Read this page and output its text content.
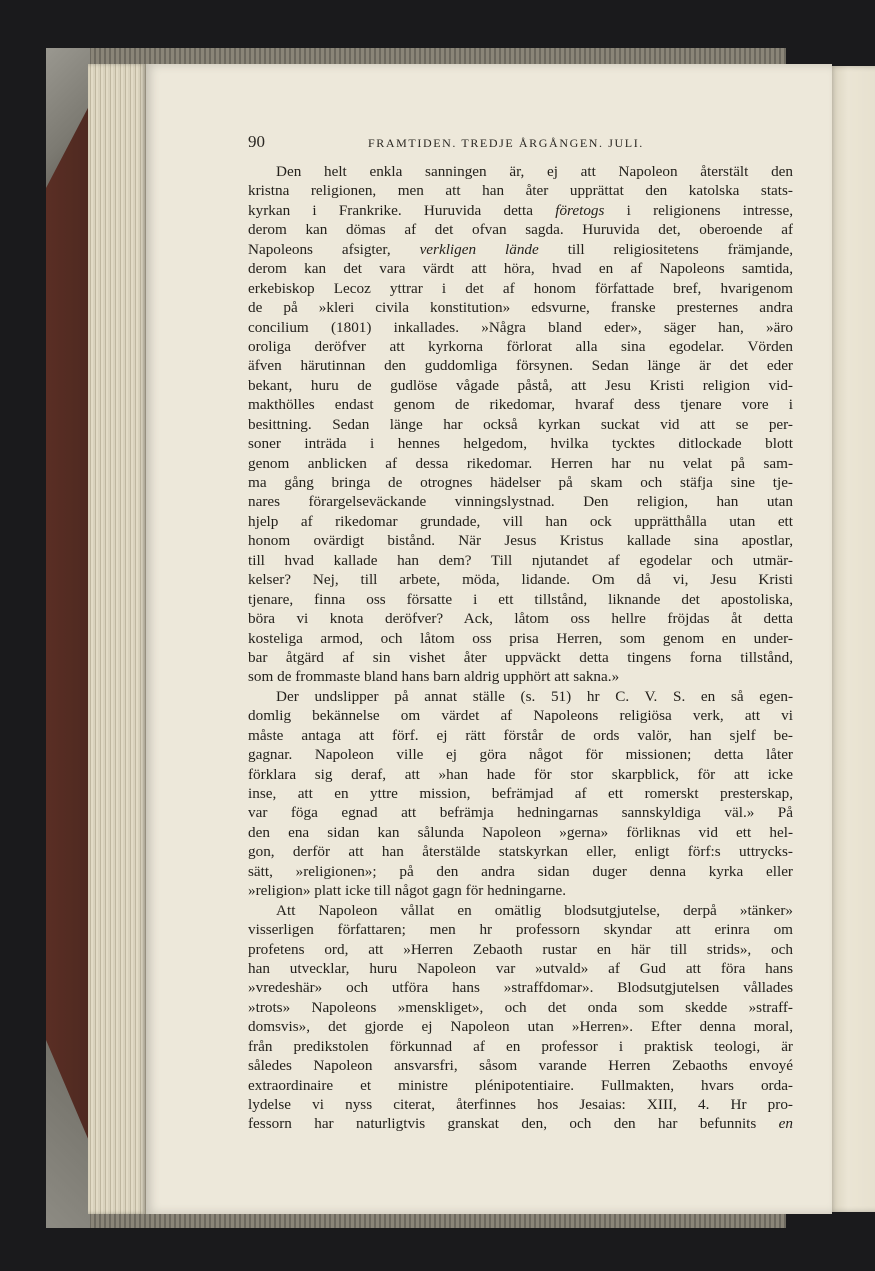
90	FRAMTIDEN. TREDJE ÅRGÅNGEN. JULI.
Den helt enkla sanningen är, ej att Napoleon återstält den
kristna religionen, men att han åter upprättat den katolska stats-
kyrkan i Frankrike. Huruvida detta företogs i religionens intresse,
derom kan dömas af det ofvan sagda. Huruvida det, oberoende af
Napoleons afsigter, verkligen lände till religiositetens främjande,
derom kan det vara värdt att höra, hvad en af Napoleons samtida,
erkebiskop Lecoz yttrar i det af honom författade bref, hvarigenom
de på »kleri civila konstitution» edsvurne, franske presternes andra
concilium (1801) inkallades. »Några bland eder», säger han, »äro
oroliga deröfver att kyrkorna förlorat alla sina egodelar. Vörden
äfven härutinnan den guddomliga försynen. Sedan länge är det eder
bekant, huru de gudlöse vågade påstå, att Jesu Kristi religion vid-
makthölles endast genom de rikedomar, hvaraf dess tjenare vore i
besittning. Sedan länge har också kyrkan suckat vid att se per-
soner inträda i hennes helgedom, hvilka tycktes ditlockade blott
genom anblicken af dessa rikedomar. Herren har nu velat på sam-
ma gång bringa de otrognes hädelser på skam och stäfja sine tje-
nares förargelseväckande vinningslystnad. Den religion, han utan
hjelp af rikedomar grundade, vill han ock upprätthålla utan ett
honom ovärdigt bistånd. När Jesus Kristus kallade sina apostlar,
till hvad kallade han dem? Till njutandet af egodelar och utmär-
kelser? Nej, till arbete, möda, lidande. Om då vi, Jesu Kristi
tjenare, finna oss försatte i ett tillstånd, liknande det apostoliska,
böra vi knota deröfver? Ack, låtom oss hellre fröjdas åt detta
kosteliga armod, och låtom oss prisa Herren, som genom en under-
bar åtgärd af sin vishet åter uppväckt detta tingens forna tillstånd,
som de frommaste bland hans barn aldrig upphört att sakna.»
Der undslipper på annat ställe (s. 51) hr C. V. S. en så egen-
domlig bekännelse om värdet af Napoleons religiösa verk, att vi
måste antaga att förf. ej rätt förstår de ords valör, han sjelf be-
gagnar. Napoleon ville ej göra något för missionen; detta låter
förklara sig deraf, att »han hade för stor skarpblick, för att icke
inse, att en yttre mission, befrämjad af ett romerskt presterskap,
var föga egnad att befrämja hedningarnas sannskyldiga väl.» På
den ena sidan kan sålunda Napoleon »gerna» förliknas vid ett hel-
gon, derför att han återstälde statskyrkan eller, enligt förf:s uttrycks-
sätt, »religionen»; på den andra sidan duger denna kyrka eller
»religion» platt icke till något gagn för hedningarne.
Att Napoleon vållat en omätlig blodsutgjutelse, derpå »tänker»
visserligen författaren; men hr professorn skyndar att erinra om
profetens ord, att »Herren Zebaoth rustar en här till strids», och
han utvecklar, huru Napoleon var »utvald» af Gud att föra hans
»vredeshär» och utföra hans »straffdomar». Blodsutgjutelsen vållades
»trots» Napoleons »menskliget», och det onda som skedde »straff-
domsvis», det gjorde ej Napoleon utan »Herren». Efter denna moral,
från predikstolen förkunnad af en professor i praktisk teologi, är
således Napoleon ansvarsfri, såsom varande Herren Zebaoths envoyé
extraordinaire et ministre plénipotentiaire. Fullmakten, hvars orda-
lydelse vi nyss citerat, återfinnes hos Jesaias: XIII, 4. Hr pro-
fessorn har naturligtvis granskat den, och den har befunnits en
